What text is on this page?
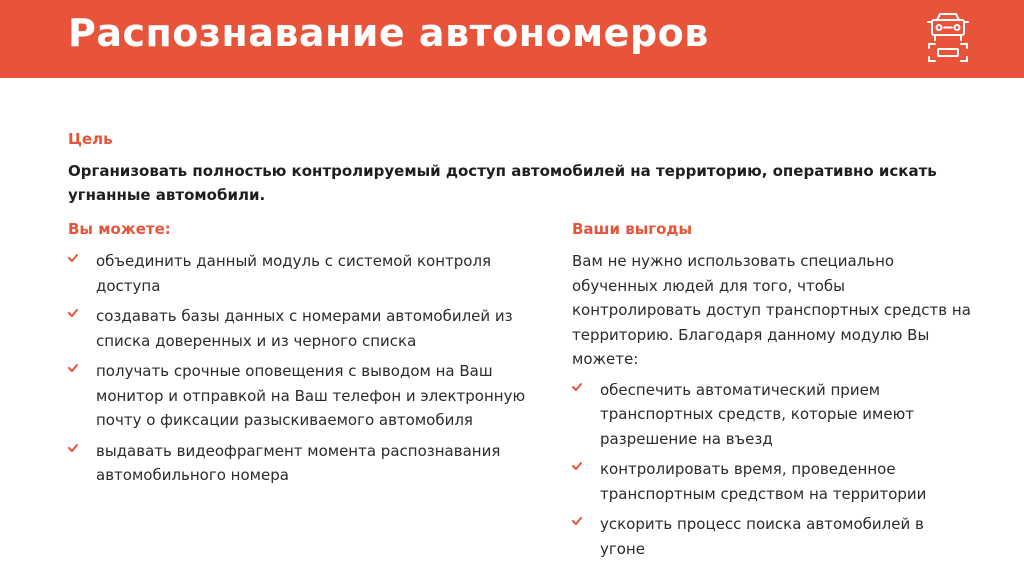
Распознавание автономеров
Цель

Организовать полностью контролируемый доступ автомобилей на территорию, оперативно искать угнанные автомобили.

Вы можете:
объединить данный модуль с системой контроля доступа
создавать базы данных с номерами автомобилей из списка доверенных и из черного списка
получать срочные оповещения с выводом на Ваш монитор и отправкой на Ваш телефон и электронную почту о фиксации разыскиваемого автомобиля
выдавать видеофрагмент момента распознавания автомобильного номера
Ваши выгоды

Вам не нужно использовать специально обученных людей для того, чтобы контролировать доступ транспортных средств на территорию. Благодаря данному модулю Вы можете:

обеспечить автоматический прием транспортных средств, которые имеют разрешение на въезд
контролировать время, проведенное транспортным средством на территории
ускорить процесс поиска автомобилей в угоне
